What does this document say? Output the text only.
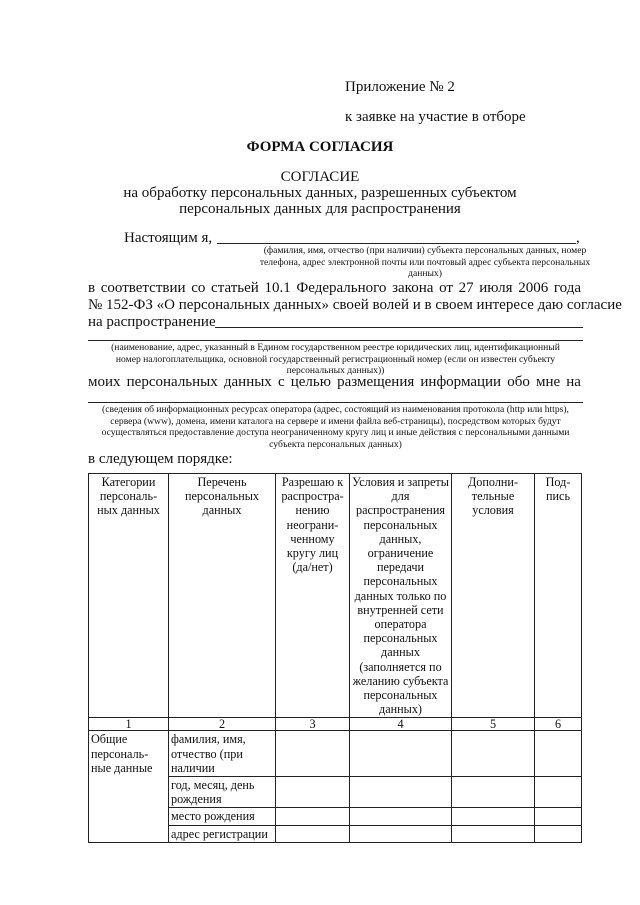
Приложение № 2
к заявке на участие в отборе
ФОРМА СОГЛАСИЯ
СОГЛАСИЕ
на обработку персональных данных, разрешенных субъектом
персональных данных для распространения
Настоящим я,	,
(фамилия, имя, отчество (при наличии) субъекта персональных данных, номер
телефона, адрес электронной почты или почтовый адрес субъекта персональных
данных)
в соответствии со статьей 10.1 Федерального закона от 27 июля 2006 года
№ 152-ФЗ «О персональных данных» своей волей и в своем интересе даю согласие
на распространение
(наименование, адрес, указанный в Едином государственном реестре юридических лиц, идентификационный
номер налогоплательщика, основной государственный регистрационный номер (если он известен субъекту
персональных данных))
моих персональных данных с целью размещения информации обо мне на
(сведения об информационных ресурсах оператора (адрес, состоящий из наименования протокола (http или https),
сервера (www), домена, имени каталога на сервере и имени файла веб-страницы), посредством которых будут
осуществляться предоставление доступа неограниченному кругу лиц и иные действия с персональными данными
субъекта персональных данных)
в следующем порядке:
Категории персональ-ных данных	Перечень персональных данных	Разрешаю к распростра-нению неограни-ченному кругу лиц (да/нет)	Условия и запреты для распространения персональных данных, ограничение передачи персональных данных только по внутренней сети оператора персональных данных (заполняется по желанию субъекта персональных данных)	Дополни-тельные условия	Под-пись
1	2	3	4	5	6
Общие персональ-ные данные	фамилия, имя, отчество (при наличии				
	год, месяц, день рождения				
	место рождения				
	адрес регистрации				
